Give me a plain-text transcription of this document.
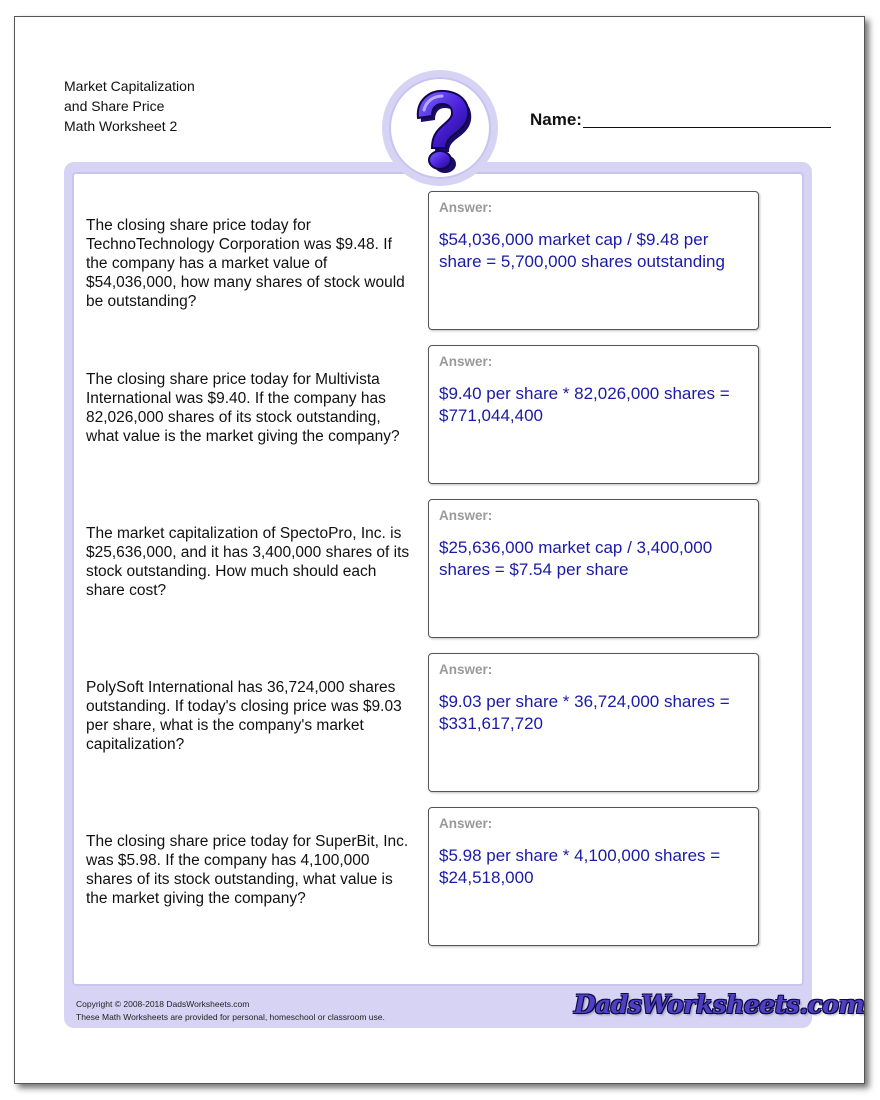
Market Capitalization
and Share Price
Math Worksheet 2	Name:
The closing share price today for TechnoTechnology Corporation was $9.48. If the company has a market value of $54,036,000, how many shares of stock would be outstanding?
Answer:
$54,036,000 market cap / $9.48 per share = 5,700,000 shares outstanding
The closing share price today for Multivista International was $9.40. If the company has 82,026,000 shares of its stock outstanding, what value is the market giving the company?
Answer:
$9.40 per share * 82,026,000 shares = $771,044,400
The market capitalization of SpectoPro, Inc. is $25,636,000, and it has 3,400,000 shares of its stock outstanding. How much should each share cost?
Answer:
$25,636,000 market cap / 3,400,000 shares = $7.54 per share
PolySoft International has 36,724,000 shares outstanding. If today's closing price was $9.03 per share, what is the company's market capitalization?
Answer:
$9.03 per share * 36,724,000 shares = $331,617,720
The closing share price today for SuperBit, Inc. was $5.98. If the company has 4,100,000 shares of its stock outstanding, what value is the market giving the company?
Answer:
$5.98 per share * 4,100,000 shares = $24,518,000
Copyright © 2008-2018 DadsWorksheets.com
These Math Worksheets are provided for personal, homeschool or classroom use.	DadsWorksheets.com
